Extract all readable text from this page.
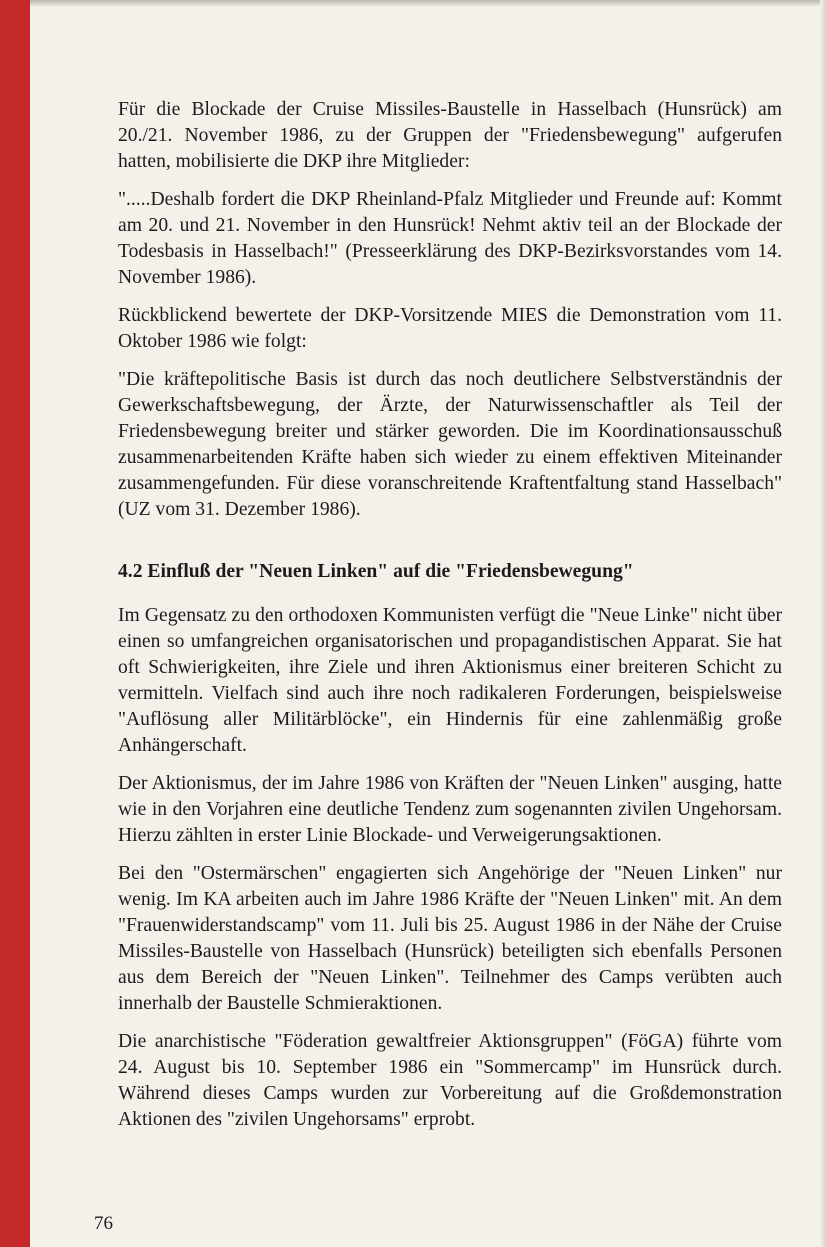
Für die Blockade der Cruise Missiles-Baustelle in Hasselbach (Hunsrück) am 20./21. November 1986, zu der Gruppen der "Friedensbewegung" aufgerufen hatten, mobilisierte die DKP ihre Mitglieder:

".....Deshalb fordert die DKP Rheinland-Pfalz Mitglieder und Freunde auf: Kommt am 20. und 21. November in den Hunsrück! Nehmt aktiv teil an der Blockade der Todesbasis in Hasselbach!" (Presseerklärung des DKP-Bezirksvorstandes vom 14. November 1986).

Rückblickend bewertete der DKP-Vorsitzende MIES die Demonstration vom 11. Oktober 1986 wie folgt:

"Die kräftepolitische Basis ist durch das noch deutlichere Selbstverständnis der Gewerkschaftsbewegung, der Ärzte, der Naturwissenschaftler als Teil der Friedensbewegung breiter und stärker geworden. Die im Koordinationsausschuß zusammenarbeitenden Kräfte haben sich wieder zu einem effektiven Miteinander zusammengefunden. Für diese voranschreitende Kraftentfaltung stand Hasselbach" (UZ vom 31. Dezember 1986).

4.2 Einfluß der "Neuen Linken" auf die "Friedensbewegung"

Im Gegensatz zu den orthodoxen Kommunisten verfügt die "Neue Linke" nicht über einen so umfangreichen organisatorischen und propagandistischen Apparat. Sie hat oft Schwierigkeiten, ihre Ziele und ihren Aktionismus einer breiteren Schicht zu vermitteln. Vielfach sind auch ihre noch radikaleren Forderungen, beispielsweise "Auflösung aller Militärblöcke", ein Hindernis für eine zahlenmäßig große Anhängerschaft.

Der Aktionismus, der im Jahre 1986 von Kräften der "Neuen Linken" ausging, hatte wie in den Vorjahren eine deutliche Tendenz zum sogenannten zivilen Ungehorsam. Hierzu zählten in erster Linie Blockade- und Verweigerungsaktionen.

Bei den "Ostermärschen" engagierten sich Angehörige der "Neuen Linken" nur wenig. Im KA arbeiten auch im Jahre 1986 Kräfte der "Neuen Linken" mit. An dem "Frauenwiderstandscamp" vom 11. Juli bis 25. August 1986 in der Nähe der Cruise Missiles-Baustelle von Hasselbach (Hunsrück) beteiligten sich ebenfalls Personen aus dem Bereich der "Neuen Linken". Teilnehmer des Camps verübten auch innerhalb der Baustelle Schmieraktionen.

Die anarchistische "Föderation gewaltfreier Aktionsgruppen" (FöGA) führte vom 24. August bis 10. September 1986 ein "Sommercamp" im Hunsrück durch. Während dieses Camps wurden zur Vorbereitung auf die Großdemonstration Aktionen des "zivilen Ungehorsams" erprobt.

76
